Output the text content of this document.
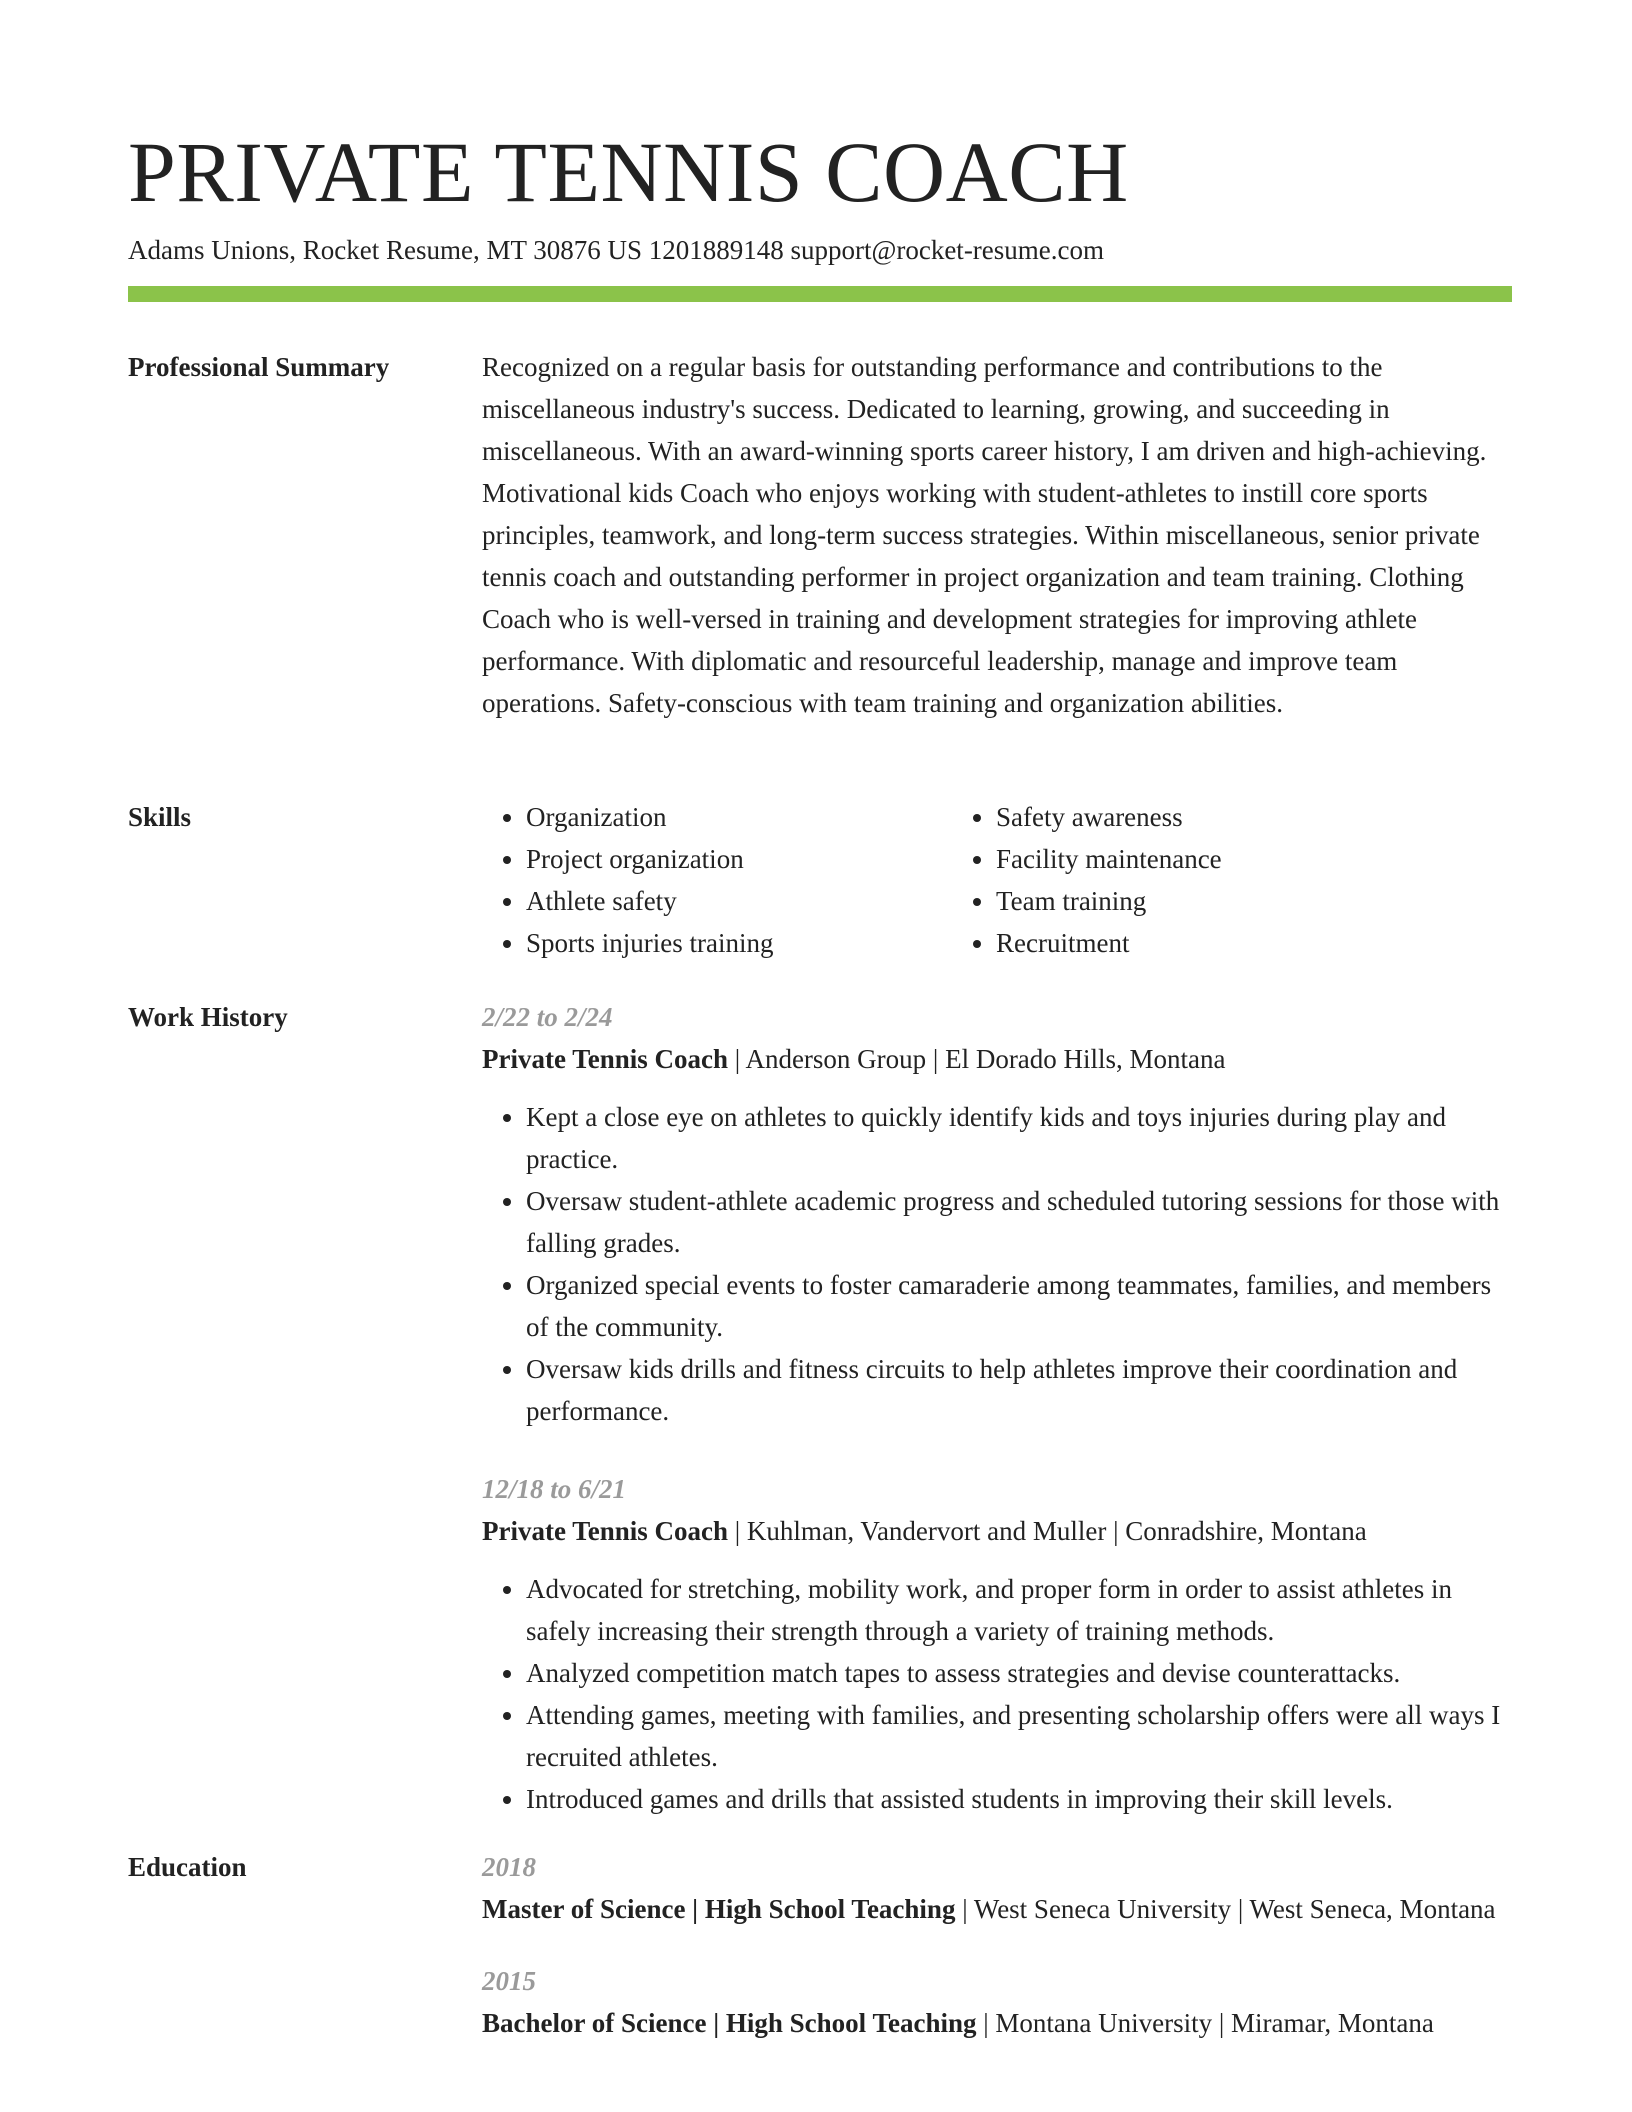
PRIVATE TENNIS COACH
Adams Unions, Rocket Resume, MT 30876 US 1201889148 support@rocket-resume.com
Professional Summary	Recognized on a regular basis for outstanding performance and contributions to the miscellaneous industry's success. Dedicated to learning, growing, and succeeding in miscellaneous. With an award-winning sports career history, I am driven and high-achieving. Motivational kids Coach who enjoys working with student-athletes to instill core sports principles, teamwork, and long-term success strategies. Within miscellaneous, senior private tennis coach and outstanding performer in project organization and team training. Clothing Coach who is well-versed in training and development strategies for improving athlete performance. With diplomatic and resourceful leadership, manage and improve team operations. Safety-conscious with team training and organization abilities.

Skills
•	Organization
• Project organization
• Athlete safety
• Sports injuries training
• Safety awareness
• Facility maintenance
• Team training
• Recruitment
Work History	2/22 to 2/24
Private Tennis Coach | Anderson Group | El Dorado Hills, Montana
• Kept a close eye on athletes to quickly identify kids and toys injuries during play and practice.
• Oversaw student-athlete academic progress and scheduled tutoring sessions for those with falling grades.
• Organized special events to foster camaraderie among teammates, families, and members of the community.
• Oversaw kids drills and fitness circuits to help athletes improve their coordination and performance.
12/18 to 6/21
Private Tennis Coach | Kuhlman, Vandervort and Muller | Conradshire, Montana
• Advocated for stretching, mobility work, and proper form in order to assist athletes in safely increasing their strength through a variety of training methods.
• Analyzed competition match tapes to assess strategies and devise counterattacks.
• Attending games, meeting with families, and presenting scholarship offers were all ways I recruited athletes.
• Introduced games and drills that assisted students in improving their skill levels.
Education	2018
Master of Science | High School Teaching | West Seneca University | West Seneca, Montana
2015
Bachelor of Science | High School Teaching | Montana University | Miramar, Montana
